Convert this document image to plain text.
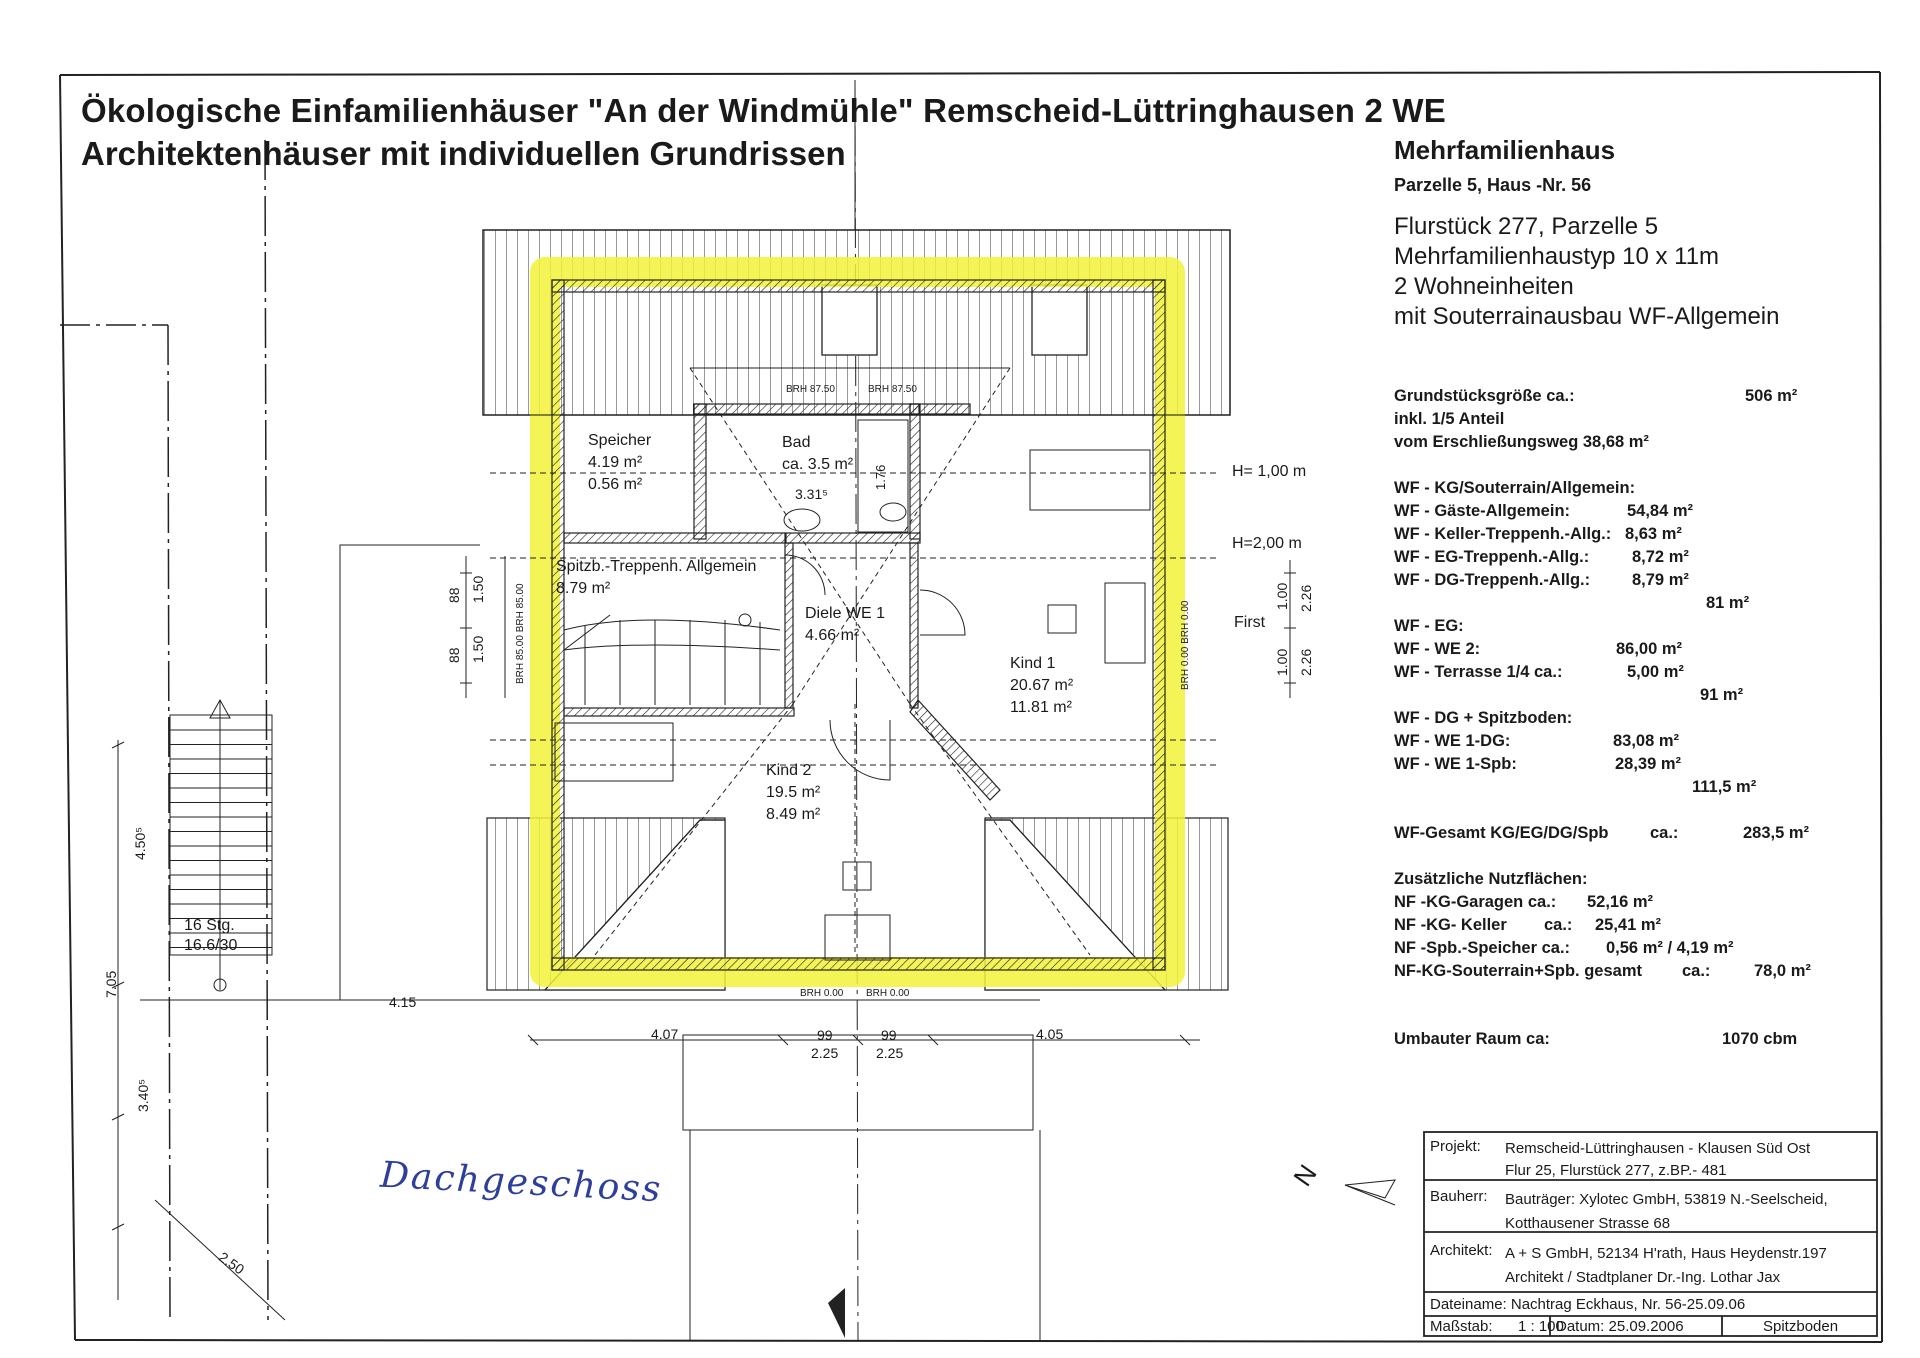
Ökologische Einfamilienhäuser "An der Windmühle" Remscheid-Lüttringhausen 2 WE
Architektenhäuser mit individuellen Grundrissen	Mehrfamilienhaus
Parzelle 5, Haus -Nr. 56
Flurstück 277, Parzelle 5
Mehrfamilienhaustyp 10 x 11m
2 Wohneinheiten
mit Souterrainausbau WF-Allgemein
Grundstücksgröße ca.:	506 m²
inkl. 1/5 Anteil
vom Erschließungsweg 38,68 m²
WF - KG/Souterrain/Allgemein:
WF - Gäste-Allgemein:	54,84 m²
WF - Keller-Treppenh.-Allg.: 8,63 m²
WF - EG-Treppenh.-Allg.:	8,72 m²
WF - DG-Treppenh.-Allg.:	8,79 m²
81 m²
WF - EG:
WF - WE 2:	86,00 m²
WF - Terrasse 1/4 ca.:	5,00 m²
91 m²
WF - DG + Spitzboden:
WF - WE 1-DG:	83,08 m²
WF - WE 1-Spb:	28,39 m²
111,5 m²
WF-Gesamt KG/EG/DG/Spb	ca.:	283,5 m²
Zusätzliche Nutzflächen:
NF -KG-Garagen ca.: 52,16 m²
NF -KG- Keller ca.: 25,41 m²
NF -Spb.-Speicher ca.: 0,56 m² / 4,19 m²
NF-KG-Souterrain+Spb. gesamt ca.:	78,0 m²
Umbauter Raum ca:	1070 cbm
Speicher
4.19 m²
0.56 m²
Bad
ca. 3.5 m²
3.31⁵
1.76
Spitzb.-Treppenh. Allgemein
8.79 m²
Diele WE 1
4.66 m²
Kind 1
20.67 m²
11.81 m²
Kind 2
19.5 m²
8.49 m²
H= 1,00 m
H=2,00 m
First
BRH 87.50	BRH 87.50
BRH 0.00 BRH 0.00
BRH 85.00 BRH 85.00	BRH 0.00 BRH 0.00
16 Stg.
16.6/30
4.15
4.07	4.05
99	99
2.25	2.25
4.50⁵
7.05
3.40⁵
2.50
88
88
1.50
1.50
1.00
1.00
2.26
2.26
N
Dachgeschoss
Projekt: Remscheid-Lüttringhausen - Klausen Süd Ost
Flur 25, Flurstück 277, z.BP.- 481
Bauherr: Bauträger: Xylotec GmbH, 53819 N.-Seelscheid,
Kotthausener Strasse 68
Architekt: A + S GmbH, 52134 H'rath, Haus Heydenstr.197
Architekt / Stadtplaner Dr.-Ing. Lothar Jax
Dateiname: Nachtrag Eckhaus, Nr. 56-25.09.06
Maßstab: 1 : 100
Datum: 25.09.2006	Spitzboden
